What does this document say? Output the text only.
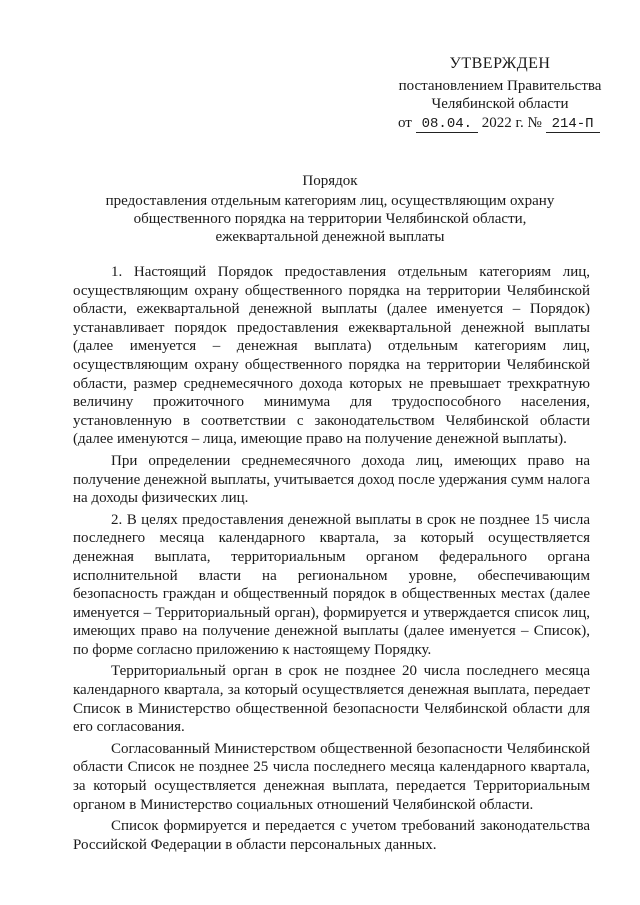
УТВЕРЖДЕН
постановлением Правительства
Челябинской области
от 08.04. 2022 г. № 214-П
Порядок
предоставления отдельным категориям лиц, осуществляющим охрану
общественного порядка на территории Челябинской области,
ежеквартальной денежной выплаты

1. Настоящий Порядок предоставления отдельным категориям лиц, осуществляющим охрану общественного порядка на территории Челябинской области, ежеквартальной денежной выплаты (далее именуется – Порядок) устанавливает порядок предоставления ежеквартальной денежной выплаты (далее именуется – денежная выплата) отдельным категориям лиц, осуществляющим охрану общественного порядка на территории Челябинской области, размер среднемесячного дохода которых не превышает трехкратную величину прожиточного минимума для трудоспособного населения, установленную в соответствии с законодательством Челябинской области (далее именуются – лица, имеющие право на получение денежной выплаты).

При определении среднемесячного дохода лиц, имеющих право на получение денежной выплаты, учитывается доход после удержания сумм налога на доходы физических лиц.

2. В целях предоставления денежной выплаты в срок не позднее 15 числа последнего месяца календарного квартала, за который осуществляется денежная выплата, территориальным органом федерального органа исполнительной власти на региональном уровне, обеспечивающим безопасность граждан и общественный порядок в общественных местах (далее именуется – Территориальный орган), формируется и утверждается список лиц, имеющих право на получение денежной выплаты (далее именуется – Список), по форме согласно приложению к настоящему Порядку.

Территориальный орган в срок не позднее 20 числа последнего месяца календарного квартала, за который осуществляется денежная выплата, передает Список в Министерство общественной безопасности Челябинской области для его согласования.

Согласованный Министерством общественной безопасности Челябинской области Список не позднее 25 числа последнего месяца календарного квартала, за который осуществляется денежная выплата, передается Территориальным органом в Министерство социальных отношений Челябинской области.

Список формируется и передается с учетом требований законодательства Российской Федерации в области персональных данных.
